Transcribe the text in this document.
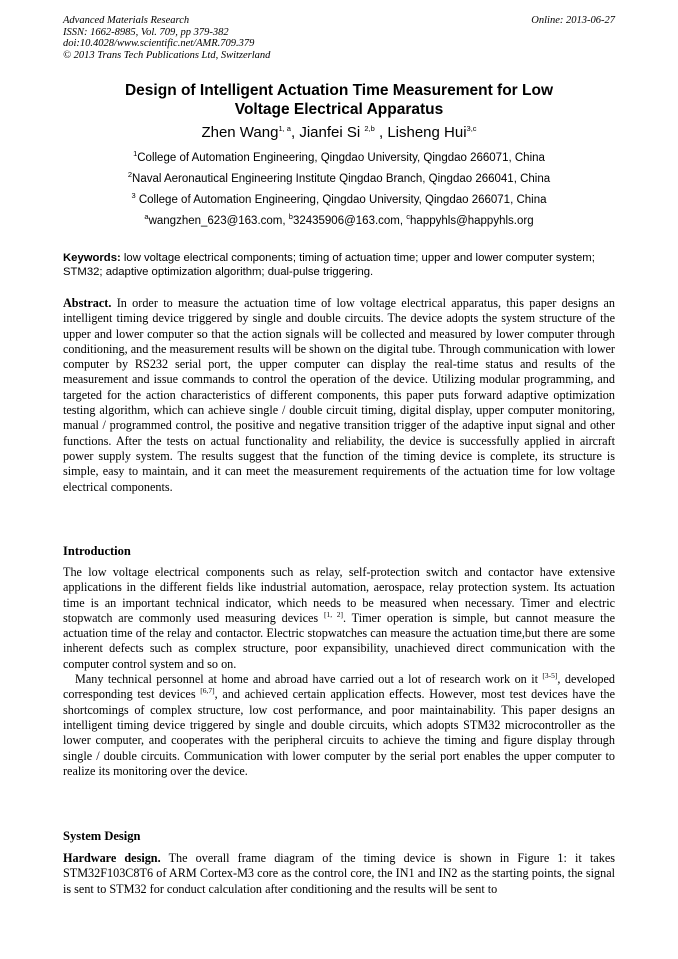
Advanced Materials Research
ISSN: 1662-8985, Vol. 709, pp 379-382
doi:10.4028/www.scientific.net/AMR.709.379
© 2013 Trans Tech Publications Ltd, Switzerland
Online: 2013-06-27
Design of Intelligent Actuation Time Measurement for Low
Voltage Electrical Apparatus
Zhen Wang$^{1, a}$, Jianfei Si $^{2,b}$ , Lisheng Hui$^{3,c}$
$^1$College of Automation Engineering, Qingdao University, Qingdao 266071, China
$^2$Naval Aeronautical Engineering Institute Qingdao Branch, Qingdao 266041, China
$^3$ College of Automation Engineering, Qingdao University, Qingdao 266071, China
$^a$wangzhen_623@163.com, $^b$32435906@163.com, $^c$happyhls@happyhls.org
Keywords: low voltage electrical components; timing of actuation time; upper and lower computer system; STM32; adaptive optimization algorithm; dual-pulse triggering.
Abstract. In order to measure the actuation time of low voltage electrical apparatus, this paper designs an intelligent timing device triggered by single and double circuits. The device adopts the system structure of the upper and lower computer so that the action signals will be collected and measured by lower computer through conditioning, and the measurement results will be shown on the digital tube. Through communication with lower computer by RS232 serial port, the upper computer can display the real-time status and results of the measurement and issue commands to control the operation of the device. Utilizing modular programming, and targeted for the action characteristics of different components, this paper puts forward adaptive optimization testing algorithm, which can achieve single / double circuit timing, digital display, upper computer monitoring, manual / programmed control, the positive and negative transition trigger of the adaptive input signal and other functions. After the tests on actual functionality and reliability, the device is successfully applied in aircraft power supply system. The results suggest that the function of the timing device is complete, its structure is simple, easy to maintain, and it can meet the measurement requirements of the actuation time for low voltage electrical components.
Introduction
The low voltage electrical components such as relay, self-protection switch and contactor have extensive applications in the different fields like industrial automation, aerospace, relay protection system. Its actuation time is an important technical indicator, which needs to be measured when necessary. Timer and electric stopwatch are commonly used measuring devices [1, 2]. Timer operation is simple, but cannot measure the actuation time of the relay and contactor. Electric stopwatches can measure the actuation time,but there are some inherent defects such as complex structure, poor expansibility, unachieved direct communication with the computer control system and so on.
Many technical personnel at home and abroad have carried out a lot of research work on it [3-5], developed corresponding test devices [6,7], and achieved certain application effects. However, most test devices have the shortcomings of complex structure, low cost performance, and poor maintainability. This paper designs an intelligent timing device triggered by single and double circuits, which adopts STM32 microcontroller as the lower computer, and cooperates with the peripheral circuits to achieve the timing and figure display through single / double circuits. Communication with lower computer by the serial port enables the upper computer to realize its monitoring over the device.
System Design
Hardware design. The overall frame diagram of the timing device is shown in Figure 1: it takes STM32F103C8T6 of ARM Cortex-M3 core as the control core, the IN1 and IN2 as the starting points, the signal is sent to STM32 for conduct calculation after conditioning and the results will be sent to
